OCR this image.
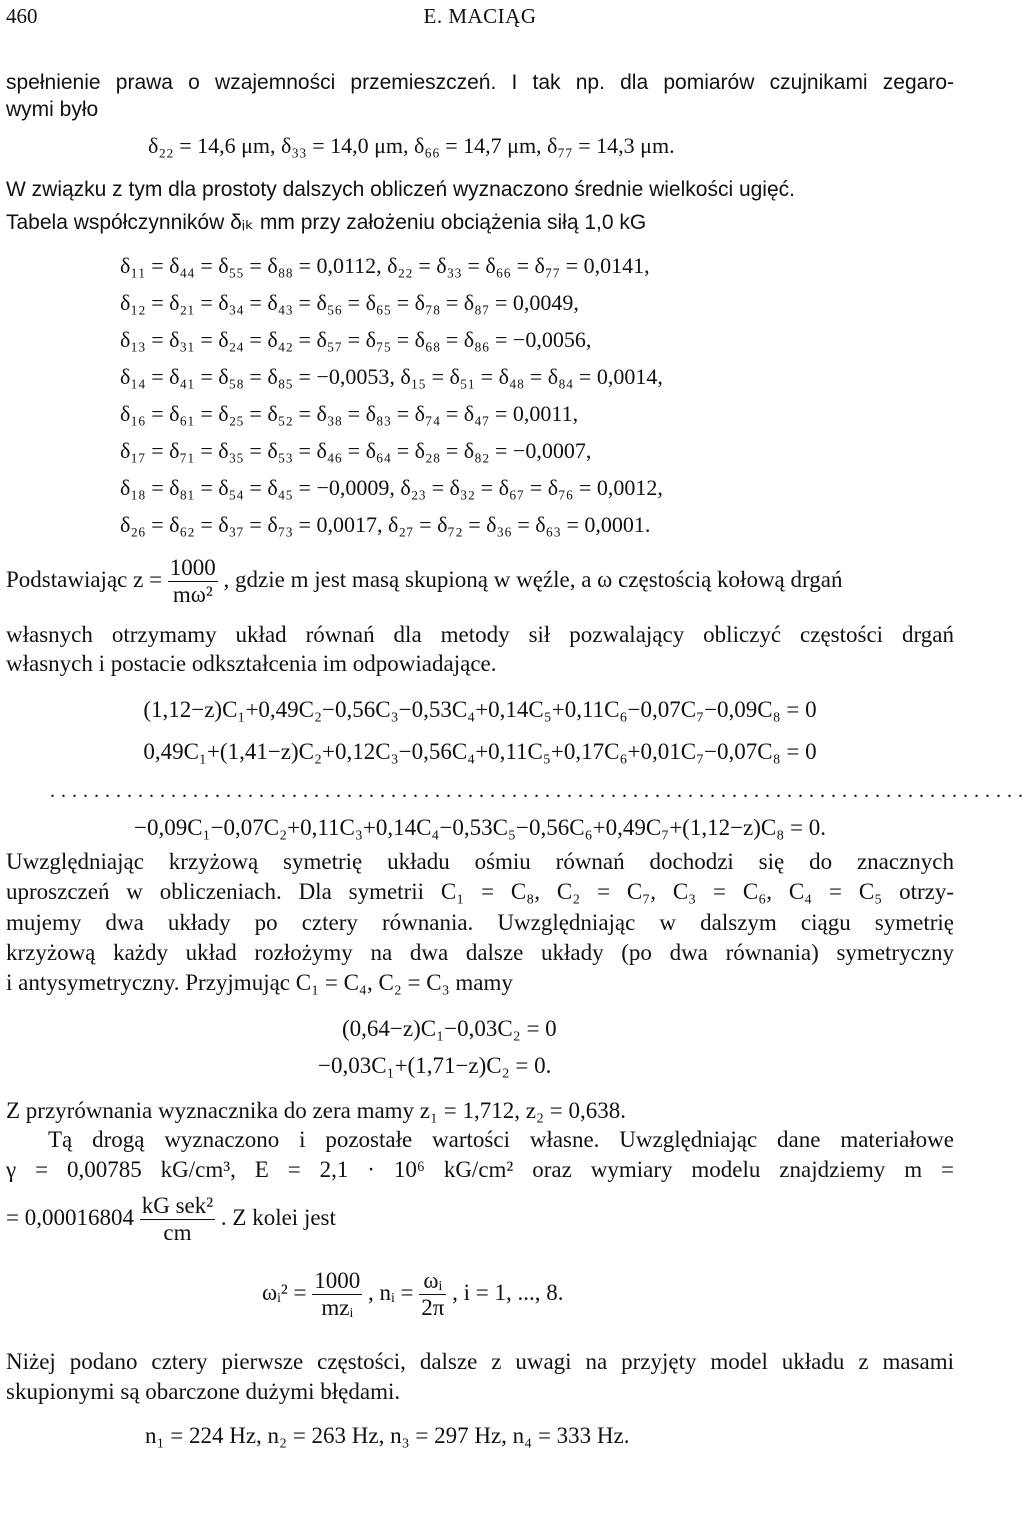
460	E. MACIĄG
spełnienie prawa o wzajemności przemieszczeń. I tak np. dla pomiarów czujnikami zegaro-
wymi było
δ₂₂ = 14,6 μm, δ₃₃ = 14,0 μm, δ₆₆ = 14,7 μm, δ₇₇ = 14,3 μm.
W związku z tym dla prostoty dalszych obliczeń wyznaczono średnie wielkości ugięć.
Tabela współczynników δᵢₖ mm przy założeniu obciążenia siłą 1,0 kG
δ₁₁ = δ₄₄ = δ₅₅ = δ₈₈ = 0,0112, δ₂₂ = δ₃₃ = δ₆₆ = δ₇₇ = 0,0141,
δ₁₂ = δ₂₁ = δ₃₄ = δ₄₃ = δ₅₆ = δ₆₅ = δ₇₈ = δ₈₇ = 0,0049,
δ₁₃ = δ₃₁ = δ₂₄ = δ₄₂ = δ₅₇ = δ₇₅ = δ₆₈ = δ₈₆ = −0,0056,
δ₁₄ = δ₄₁ = δ₅₈ = δ₈₅ = −0,0053, δ₁₅ = δ₅₁ = δ₄₈ = δ₈₄ = 0,0014,
δ₁₆ = δ₆₁ = δ₂₅ = δ₅₂ = δ₃₈ = δ₈₃ = δ₇₄ = δ₄₇ = 0,0011,
δ₁₇ = δ₇₁ = δ₃₅ = δ₅₃ = δ₄₆ = δ₆₄ = δ₂₈ = δ₈₂ = −0,0007,
δ₁₈ = δ₈₁ = δ₅₄ = δ₄₅ = −0,0009, δ₂₃ = δ₃₂ = δ₆₇ = δ₇₆ = 0,0012,
δ₂₆ = δ₆₂ = δ₃₇ = δ₇₃ = 0,0017, δ₂₇ = δ₇₂ = δ₃₆ = δ₆₃ = 0,0001.
Podstawiając $z = \frac{1000}{\text{mω²}}$ , gdzie m jest masą skupioną w węźle, a ω częstością kołową drgań
własnych otrzymamy układ równań dla metody sił pozwalający obliczyć częstości drgań
własnych i postacie odkształcenia im odpowiadające.
(1,12−z)C₁+0,49C₂−0,56C₃−0,53C₄+0,14C₅+0,11C₆−0,07C₇−0,09C₈ = 0
0,49C₁+(1,41−z)C₂+0,12C₃−0,56C₄+0,11C₅+0,17C₆+0,01C₇−0,07C₈ = 0
.........................................................................................
−0,09C₁−0,07C₂+0,11C₃+0,14C₄−0,53C₅−0,56C₆+0,49C₇+(1,12−z)C₈ = 0.
Uwzględniając krzyżową symetrię układu ośmiu równań dochodzi się do znacznych
uproszczeń w obliczeniach. Dla symetrii C₁ = C₈, C₂ = C₇, C₃ = C₆, C₄ = C₅ otrzy-
mujemy dwa układy po cztery równania. Uwzględniając w dalszym ciągu symetrię
krzyżową każdy układ rozłożymy na dwa dalsze układy (po dwa równania) symetryczny
i antysymetryczny. Przyjmując C₁ = C₄, C₂ = C₃ mamy
(0,64−z)C₁−0,03C₂ = 0
−0,03C₁+(1,71−z)C₂ = 0.
Z przyrównania wyznacznika do zera mamy z₁ = 1,712, z₂ = 0,638.
Tą drogą wyznaczono i pozostałe wartości własne. Uwzględniając dane materiałowe
γ = 0,00785 kG/cm³, E = 2,1 · 10⁶ kG/cm² oraz wymiary modelu znajdziemy m =
= $0,00016804 \frac{\text{kG sek²}}{cm}$ . Z kolei jest
ωᵢ² = $\frac{1000}{\text{mzᵢ}}$ , nᵢ = $\frac{\text{ωᵢ}}{2\pi}$ , i = 1, ..., 8.
Niżej podano cztery pierwsze częstości, dalsze z uwagi na przyjęty model układu z masami
skupionymi są obarczone dużymi błędami.
n₁ = 224 Hz, n₂ = 263 Hz, n₃ = 297 Hz, n₄ = 333 Hz.
